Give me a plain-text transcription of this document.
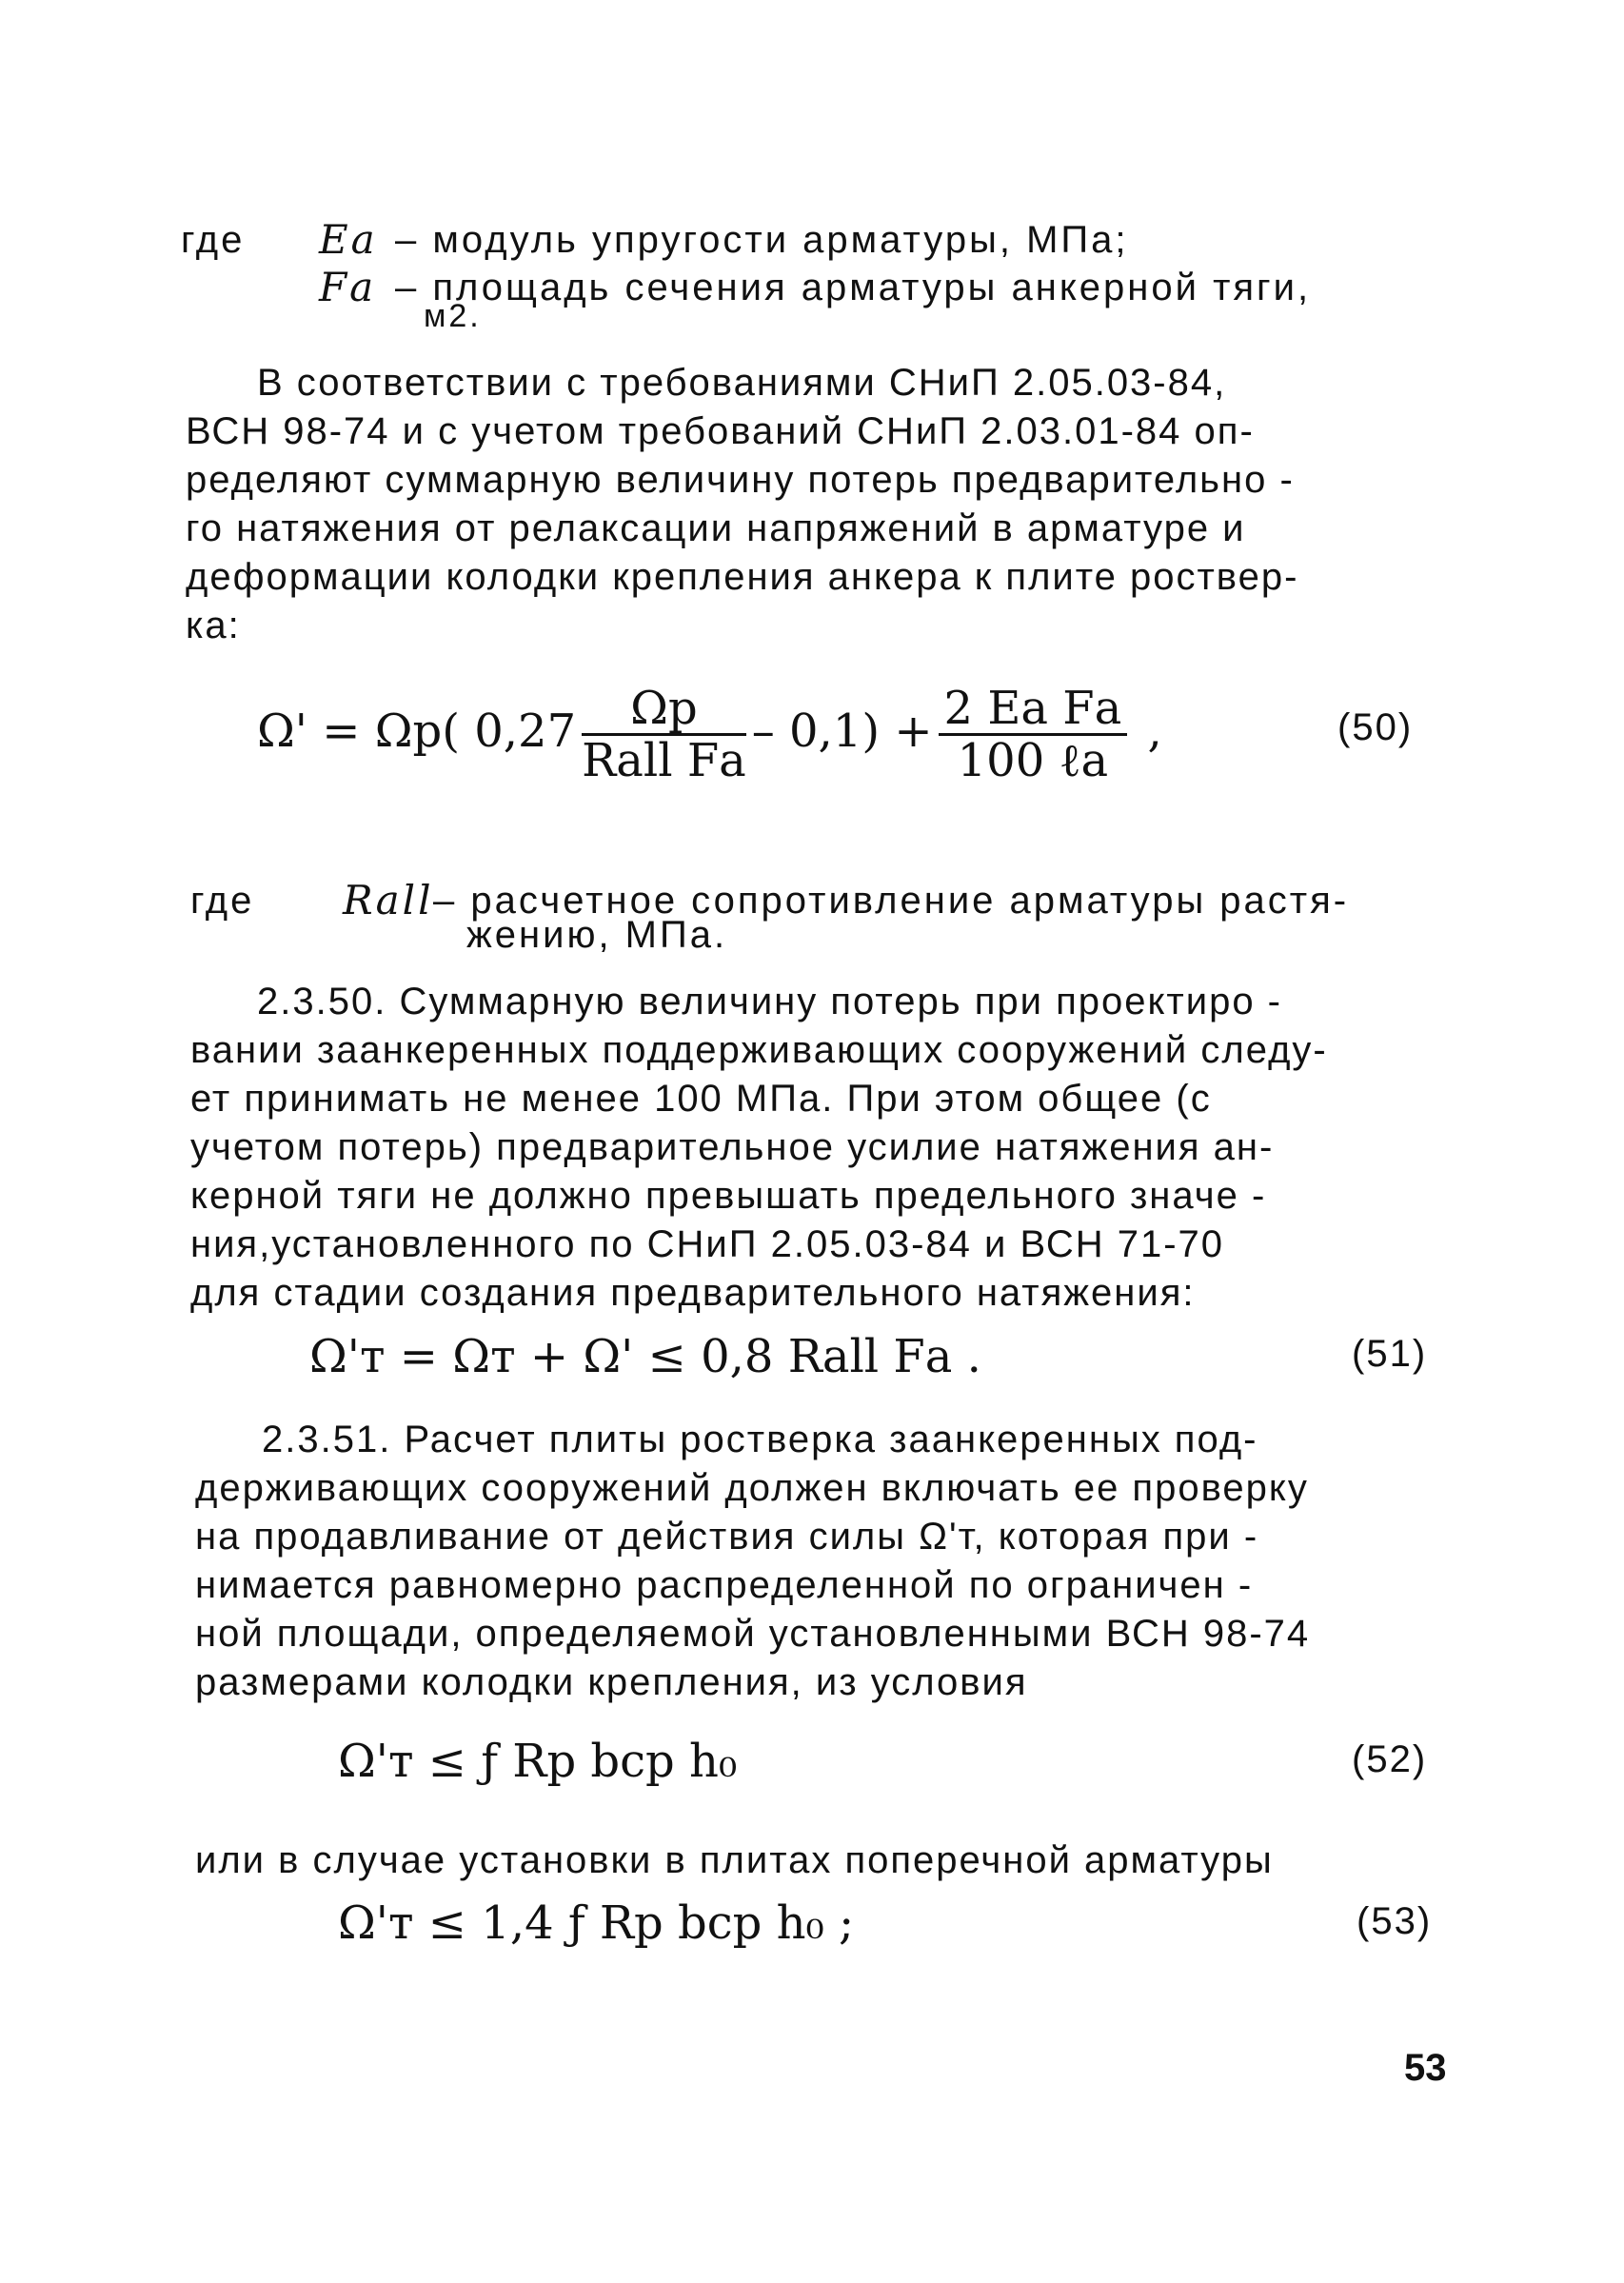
где Eа – модуль упругости арматуры, МПа;
Fа – площадь сечения арматуры анкерной тяги,
м2.
В соответствии с требованиями СНиП 2.05.03-84,
ВСН 98-74 и с учетом требований СНиП 2.03.01-84 оп-
ределяют суммарную величину потерь предварительно -
го натяжения от релаксации напряжений в арматуре и
деформации колодки крепления анкера к плите роствер-
ка:
Ω' = Ωр( $0,27 \frac{\Omega р}{\text{Rаll Fа}} - 0,1) + \frac{\text{2 Eа Fа}}{\text{100 ℓа}}$ ,	(50)
где Rаll – расчетное сопротивление арматуры растя-
жению, МПа.
2.3.50. Суммарную величину потерь при проектиро -
вании заанкеренных поддерживающих сооружений следу-
ет принимать не менее 100 МПа. При этом общее (с
учетом потерь) предварительное усилие натяжения ан-
керной тяги не должно превышать предельного значе -
ния,установленного по СНиП 2.05.03-84 и ВСН 71-70
для стадии создания предварительного натяжения:
Ω'т = Ωт + Ω' ≤ 0,8 Rаll Fа .	(51)
2.3.51. Расчет плиты ростверка заанкеренных под-
держивающих сооружений должен включать ее проверку
на продавливание от действия силы Ω'т, которая при -
нимается равномерно распределенной по ограничен -
ной площади, определяемой установленными ВСН 98-74
размерами колодки крепления, из условия
Ω'т ≤ ƒ Rр bср h₀	(52)
или в случае установки в плитах поперечной арматуры
Ω'т ≤ 1,4 ƒ Rр bср h₀ ;	(53)
53
